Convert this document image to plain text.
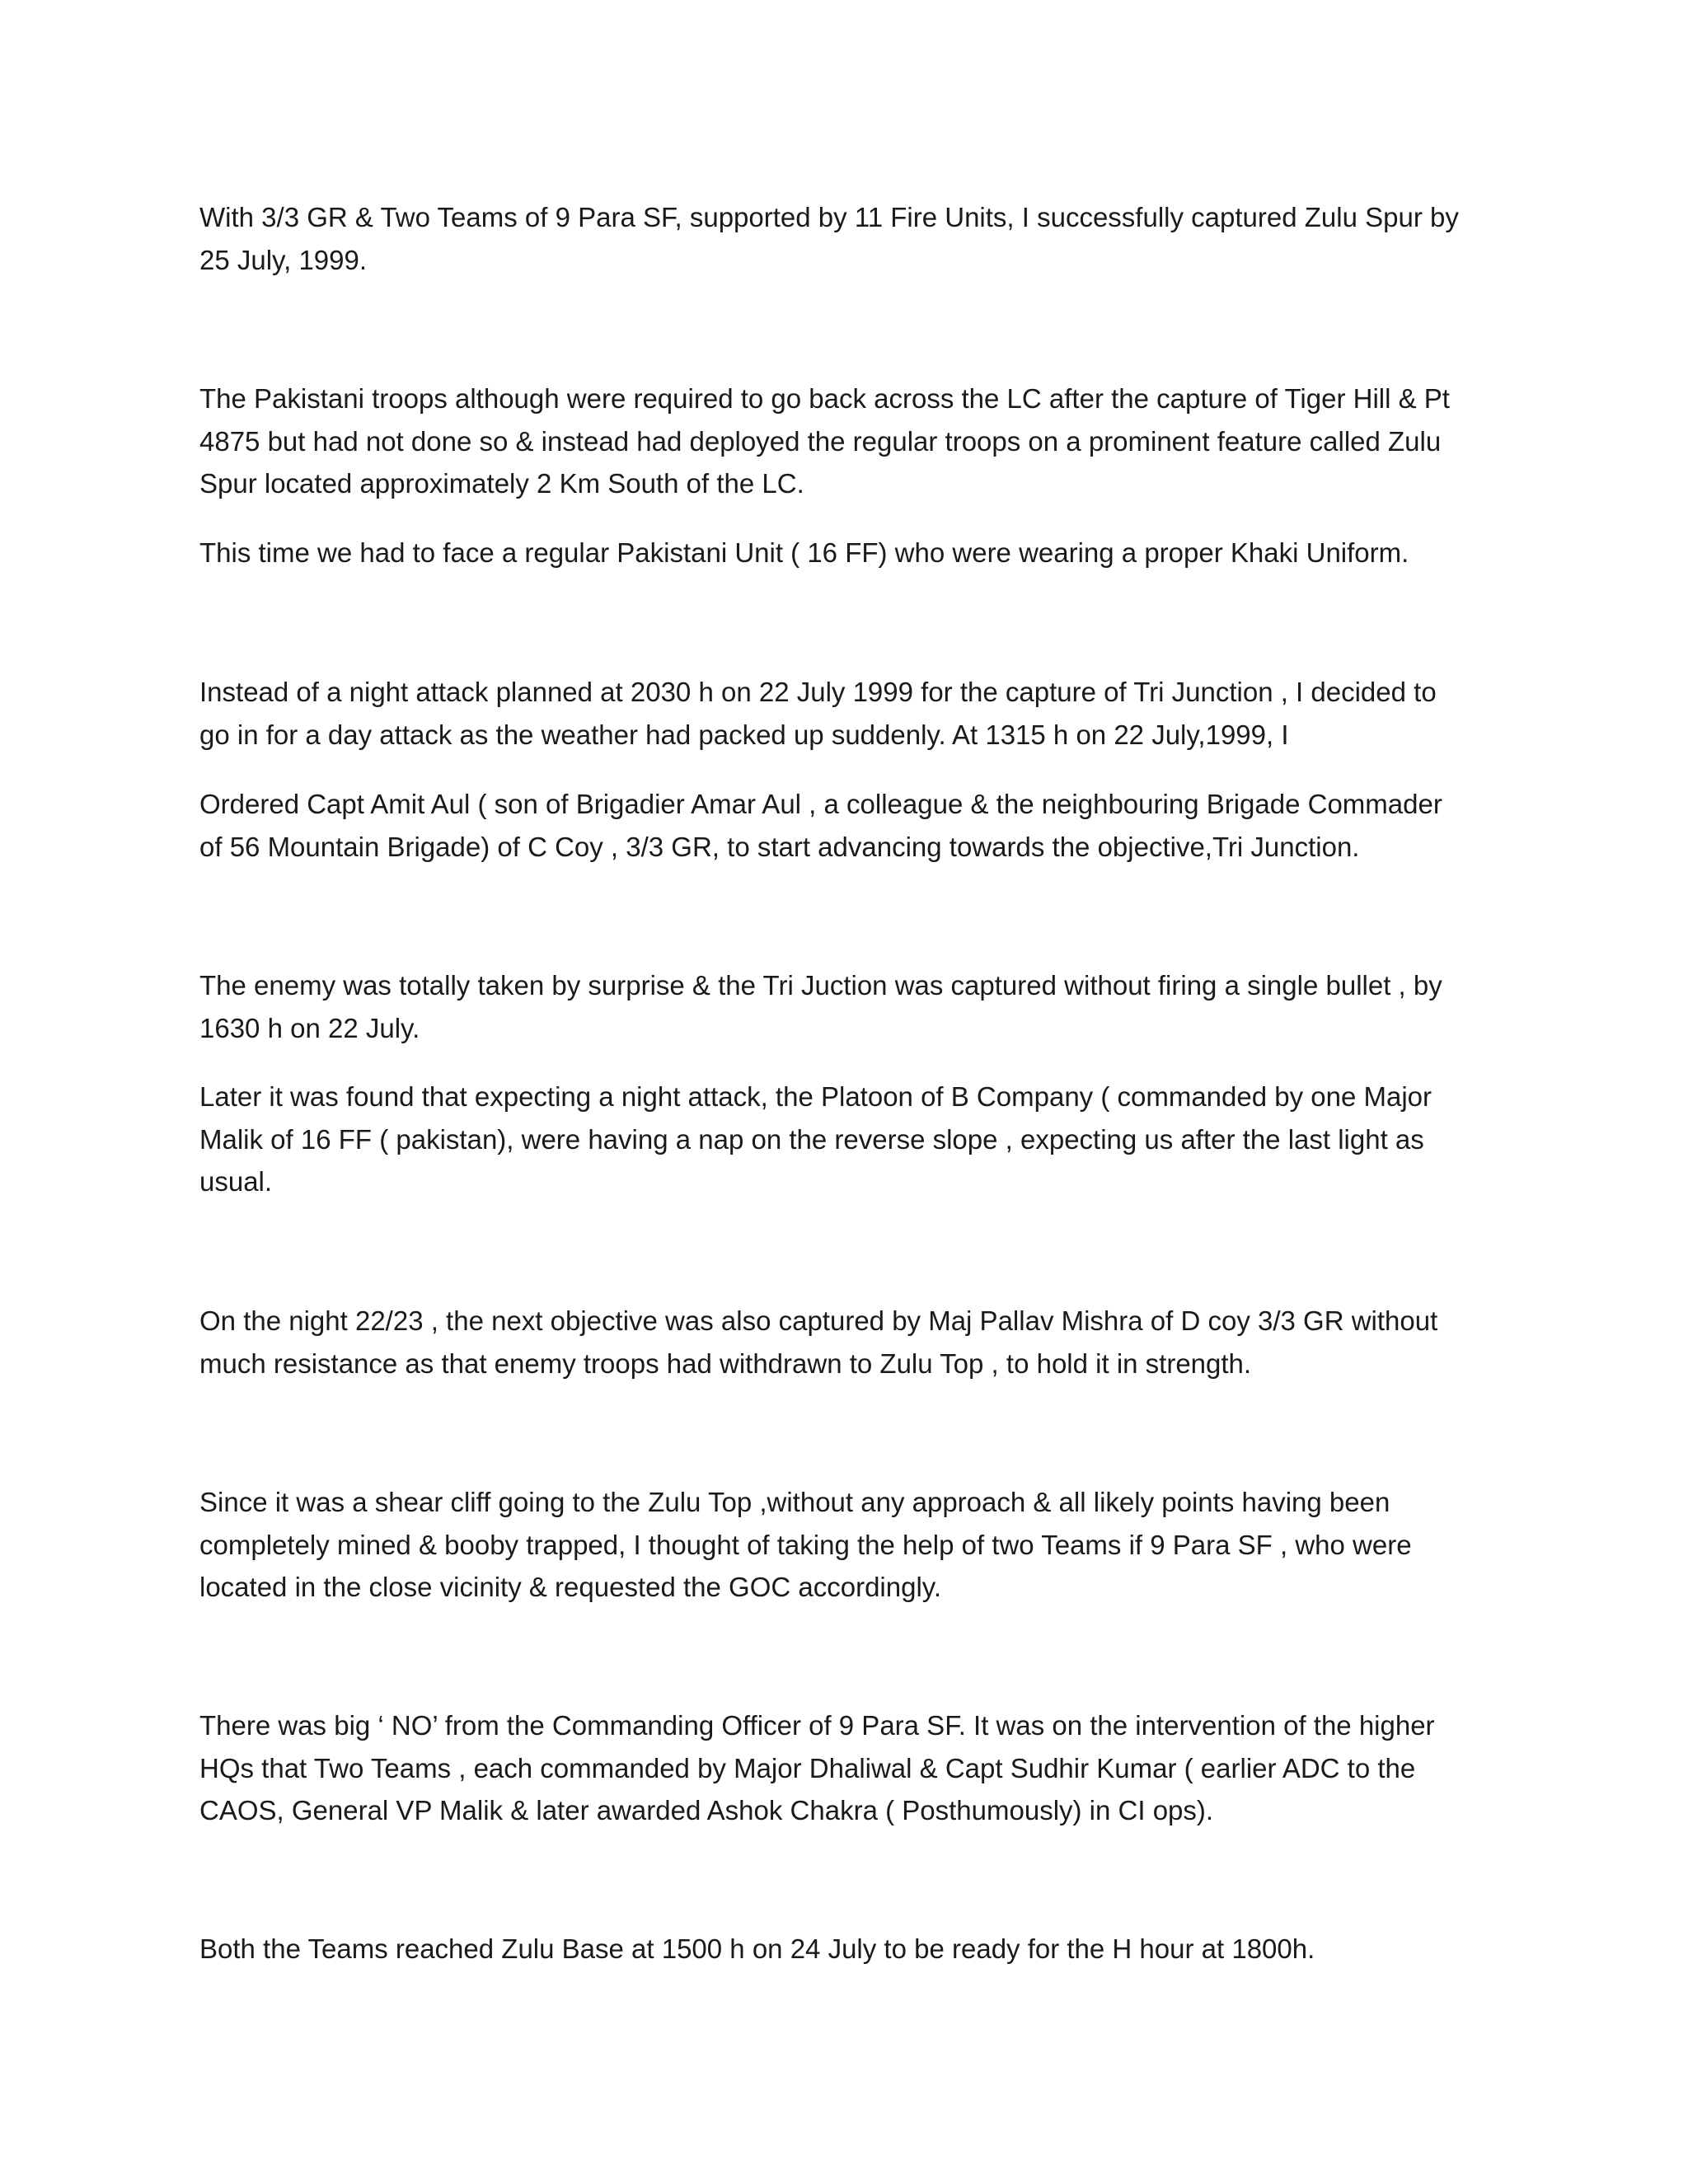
With 3/3 GR & Two Teams of 9 Para SF, supported by 11 Fire Units, I successfully captured Zulu Spur by
25 July, 1999.

The Pakistani troops although were required to go back across the LC after the capture of Tiger Hill & Pt
4875 but had not done so & instead had deployed the regular troops on a prominent feature called Zulu
Spur located approximately 2 Km South of the LC.

This time we had to face a regular Pakistani Unit ( 16 FF) who were wearing a proper Khaki Uniform.

Instead of a night attack planned at 2030 h on 22 July 1999 for the capture of Tri Junction , I decided to
go in for a day attack as the weather had packed up suddenly. At 1315 h on 22 July,1999, I

Ordered Capt Amit Aul ( son of Brigadier Amar Aul , a colleague & the neighbouring Brigade Commader
of 56 Mountain Brigade) of C Coy , 3/3 GR, to start advancing towards the objective,Tri Junction.

The enemy was totally taken by surprise & the Tri Juction was captured without firing a single bullet , by
1630 h on 22 July.

Later it was found that expecting a night attack, the Platoon of B Company ( commanded by one Major
Malik of 16 FF ( pakistan), were having a nap on the reverse slope , expecting us after the last light as
usual.

On the night 22/23 , the next objective was also captured by Maj Pallav Mishra of D coy 3/3 GR without
much resistance as that enemy troops had withdrawn to Zulu Top , to hold it in strength.

Since it was a shear cliff going to the Zulu Top ,without any approach & all likely points having been
completely mined & booby trapped, I thought of taking the help of two Teams if 9 Para SF , who were
located in the close vicinity & requested the GOC accordingly.

There was big ‘ NO’ from the Commanding Officer of 9 Para SF. It was on the intervention of the higher
HQs that Two Teams , each commanded by Major Dhaliwal & Capt Sudhir Kumar ( earlier ADC to the
CAOS, General VP Malik & later awarded Ashok Chakra ( Posthumously) in CI ops).

Both the Teams reached Zulu Base at 1500 h on 24 July to be ready for the H hour at 1800h.
